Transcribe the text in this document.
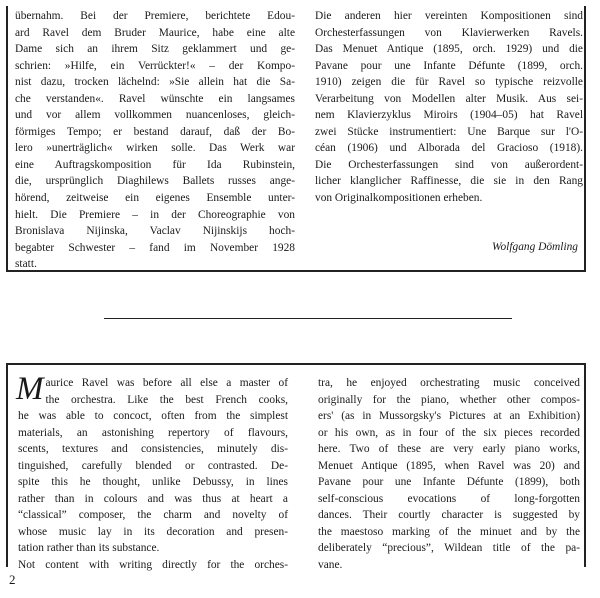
übernahm. Bei der Premiere, berichtete Edou-
ard Ravel dem Bruder Maurice, habe eine alte
Dame sich an ihrem Sitz geklammert und ge-
schrien: »Hilfe, ein Verrückter!« – der Kompo-
nist dazu, trocken lächelnd: »Sie allein hat die Sa-
che verstanden«. Ravel wünschte ein langsames
und vor allem vollkommen nuancenloses, gleich-
förmiges Tempo; er bestand darauf, daß der Bo-
lero »unerträglich« wirken solle. Das Werk war
eine Auftragskomposition für Ida Rubinstein,
die, ursprünglich Diaghilews Ballets russes ange-
hörend, zeitweise ein eigenes Ensemble unter-
hielt. Die Premiere – in der Choreographie von
Bronislava Nijinska, Vaclav Nijinskijs hoch-
begabter Schwester – fand im November 1928
statt.
Die anderen hier vereinten Kompositionen sind
Orchesterfassungen von Klavierwerken Ravels.
Das Menuet Antique (1895, orch. 1929) und die
Pavane pour une Infante Défunte (1899, orch.
1910) zeigen die für Ravel so typische reizvolle
Verarbeitung von Modellen alter Musik. Aus sei-
nem Klavierzyklus Miroirs (1904–05) hat Ravel
zwei Stücke instrumentiert: Une Barque sur l'O-
céan (1906) und Alborada del Gracioso (1918).
Die Orchesterfassungen sind von außerordent-
licher klanglicher Raffinesse, die sie in den Rang
von Originalkompositionen erheben.
Wolfgang Dömling
M aurice Ravel was before all else a master of
the orchestra. Like the best French cooks,
he was able to concoct, often from the simplest
materials, an astonishing repertory of flavours,
scents, textures and consistencies, minutely dis-
tinguished, carefully blended or contrasted. De-
spite this he thought, unlike Debussy, in lines
rather than in colours and was thus at heart a
“classical” composer, the charm and novelty of
whose music lay in its decoration and presen-
tation rather than its substance.
Not content with writing directly for the orches-
tra, he enjoyed orchestrating music conceived
originally for the piano, whether other compos-
ers' (as in Mussorgsky's Pictures at an Exhibition)
or his own, as in four of the six pieces recorded
here. Two of these are very early piano works,
Menuet Antique (1895, when Ravel was 20) and
Pavane pour une Infante Défunte (1899), both
self-conscious evocations of long-forgotten
dances. Their courtly character is suggested by
the maestoso marking of the minuet and by the
deliberately “precious”, Wildean title of the pa-
vane.
2
